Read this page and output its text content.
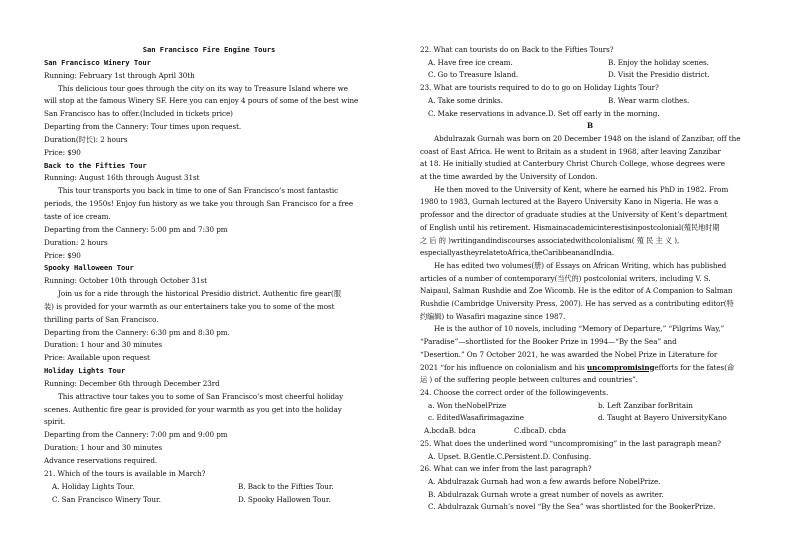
San Francisco Fire Engine Tours
San Francisco Winery Tour
Running: February 1st through April 30th
This delicious tour goes through the city on its way to Treasure Island where we
will stop at the famous Winery SF. Here you can enjoy 4 pours of some of the best wine
San Francisco has to offer.(Included in tickets price)
Departing from the Cannery: Tour times upon request.
Duration(时长): 2 hours
Price: $90
Back to the Fifties Tour
Running: August 16th through August 31st
This tour transports you back in time to one of San Francisco’s most fantastic
periods, the 1950s! Enjoy fun history as we take you through San Francisco for a free
taste of ice cream.
Departing from the Cannery: 5:00 pm and 7:30 pm
Duration: 2 hours
Price: $90
Spooky Halloween Tour
Running: October 10th through October 31st
Join us for a ride through the historical Presidio district. Authentic fire gear(服
装) is provided for your warmth as our entertainers take you to some of the most
thrilling parts of San Francisco.
Departing from the Cannery: 6:30 pm and 8:30 pm.
Duration: 1 hour and 30 minutes
Price: Available upon request
Holiday Lights Tour
Running: December 6th through December 23rd
This attractive tour takes you to some of San Francisco’s most cheerful holiday
scenes. Authentic fire gear is provided for your warmth as you get into the holiday
spirit.
Departing from the Cannery: 7:00 pm and 9:00 pm
Duration: 1 hour and 30 minutes
Advance reservations required.
21. Which of the tours is available in March?
A. Holiday Lights Tour.	B. Back to the Fifties Tour.
C. San Francisco Winery Tour.	D. Spooky Hallowen Tour.
22. What can tourists do on Back to the Fifties Tours?
A. Have free ice cream.	B. Enjoy the holiday scenes.
C. Go to Treasure Island.	D. Visit the Presidio district.
23. What are tourists required to do to go on Holiday Lights Tour?
A. Take some drinks.	B. Wear warm clothes.
C. Make reservations in advance.D. Set off early in the morning.
B
Abdulrazak Gurnah was born on 20 December 1948 on the island of Zanzibar, off the
coast of East Africa. He went to Britain as a student in 1968, after leaving Zanzibar
at 18. He initially studied at Canterbury Christ Church College, whose degrees were
at the time awarded by the University of London.
He then moved to the University of Kent, where he earned his PhD in 1982. From
1980 to 1983, Gurnah lectured at the Bayero University Kano in Nigeria. He was a
professor and the director of graduate studies at the University of Kent’s department
of English until his retirement. Hismainacademicinterestisinpostcolonial(殖民地时期
之 后 的 )writingandindiscourses associatedwithcolonialism( 殖 民 主 义 ),
especiallyastheyrelatetoAfrica,theCaribbeanandIndia.
He has edited two volumes(册) of Essays on African Writing, which has published
articles of a number of contemporary(当代的) postcolonial writers, including V. S.
Naipaul, Salman Rushdie and Zoe Wicomb. He is the editor of A Companion to Salman
Rushdie (Cambridge University Press, 2007). He has served as a contributing editor(特
约编辑) to Wasafiri magazine since 1987.
He is the author of 10 novels, including “Memory of Departure,” “Pilgrims Way,”
“Paradise”—shortlisted for the Booker Prize in 1994—“By the Sea” and
“Desertion.” On 7 October 2021, he was awarded the Nobel Prize in Literature for
2021 “for his influence on colonialism and his uncompromisingefforts for the fates(命
运 ) of the suffering people between cultures and countries”.
24. Choose the correct order of the followingevents.
a. Won theNobelPrize	b. Left Zanzibar forBritain
c. EditedWasafirimagazine	d. Taught at Bayero UniversityKano
A.bcdaB. bdca	C.dbcaD. cbda
25. What does the underlined word “uncompromising” in the last paragraph mean?
A. Upset. B.Gentle.C.Persistent.D. Confusing.
26. What can we infer from the last paragraph?
A. Abdulrazak Gurnah had won a few awards before NobelPrize.
B. Abdulrazak Gurnah wrote a great number of novels as awriter.
C. Abdulrazak Gurnah’s novel “By the Sea” was shortlisted for the BookerPrize.
